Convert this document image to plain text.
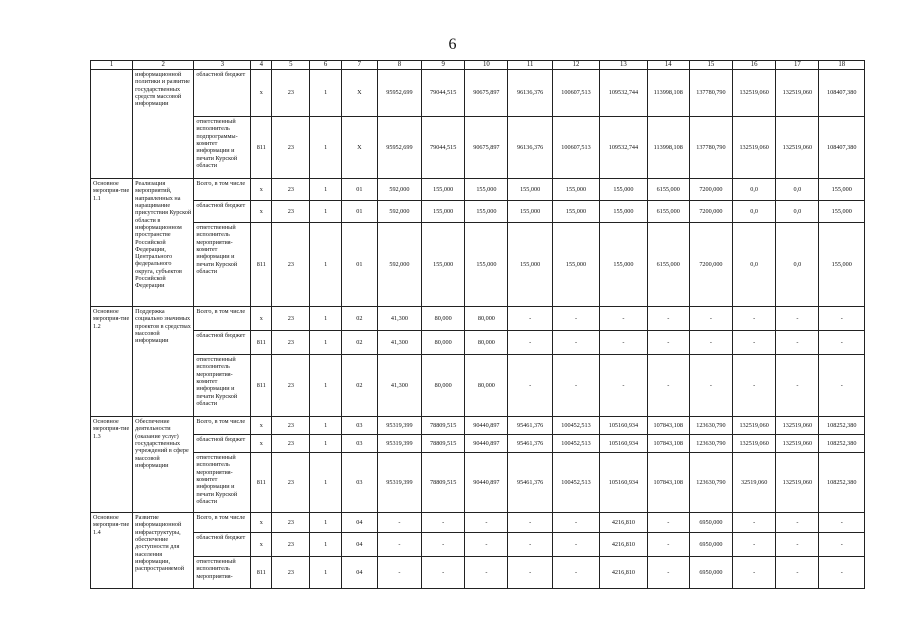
6
1	2	3	4	5	6	7	8	9	10	11	12	13	14	15	16	17	18
	информационной политики и развитие государственных средств массовой информации	областной бюджет	х	23	1	Х	95952,699	79044,515	90675,897	96136,376	100607,513	109532,744	113998,108	137780,790	132519,060	132519,060	108407,380
		ответственный исполнитель подпрограммы-комитет информации и печати Курской области	811	23	1	Х	95952,699	79044,515	90675,897	96136,376	100607,513	109532,744	113998,108	137780,790	132519,060	132519,060	108407,380
Основное мероприя-тие 1.1	Реализация мероприятий, направленных на наращивание присутствия Курской области в информационном пространстве Российской Федерации, Центрального федерального округа, субъектов Российской Федерации	Всего, в том числе	х	23	1	01	592,000	155,000	155,000	155,000	155,000	155,000	6155,000	7200,000	0,0	0,0	155,000
		областной бюджет	х	23	1	01	592,000	155,000	155,000	155,000	155,000	155,000	6155,000	7200,000	0,0	0,0	155,000
		ответственный исполнитель мероприятия-комитет информации и печати Курской области	811	23	1	01	592,000	155,000	155,000	155,000	155,000	155,000	6155,000	7200,000	0,0	0,0	155,000
Основное мероприя-тие 1.2	Поддержка социально значимых проектов в средствах массовой информации	Всего, в том числе	х	23	1	02	41,300	80,000	80,000	-	-	-	-	-	-	-	-
		областной бюджет	811	23	1	02	41,300	80,000	80,000	-	-	-	-	-	-	-	-
		ответственный исполнитель мероприятия-комитет информации и печати Курской области	811	23	1	02	41,300	80,000	80,000	-	-	-	-	-	-	-	-
Основное мероприя-тие 1.3	Обеспечение деятельности (оказание услуг) государственных учреждений в сфере массовой информации	Всего, в том числе	х	23	1	03	95319,399	78809,515	90440,897	95461,376	100452,513	105160,934	107843,108	123630,790	132519,060	132519,060	108252,380
		областной бюджет	х	23	1	03	95319,399	78809,515	90440,897	95461,376	100452,513	105160,934	107843,108	123630,790	132519,060	132519,060	108252,380
		ответственный исполнитель мероприятия-комитет информации и печати Курской области	811	23	1	03	95319,399	78809,515	90440,897	95461,376	100452,513	105160,934	107843,108	123630,790	32519,060	132519,060	108252,380
Основное мероприя-тие 1.4	Развитие информационной инфраструктуры, обеспечение доступности для населения информации, распространяемой	Всего, в том числе	х	23	1	04	-	-	-	-	-	4216,810	-	6950,000	-	-	-
		областной бюджет	х	23	1	04	-	-	-	-	-	4216,810	-	6950,000	-	-	-
		ответственный исполнитель мероприятия-	811	23	1	04	-	-	-	-	-	4216,810	-	6950,000	-	-	-
